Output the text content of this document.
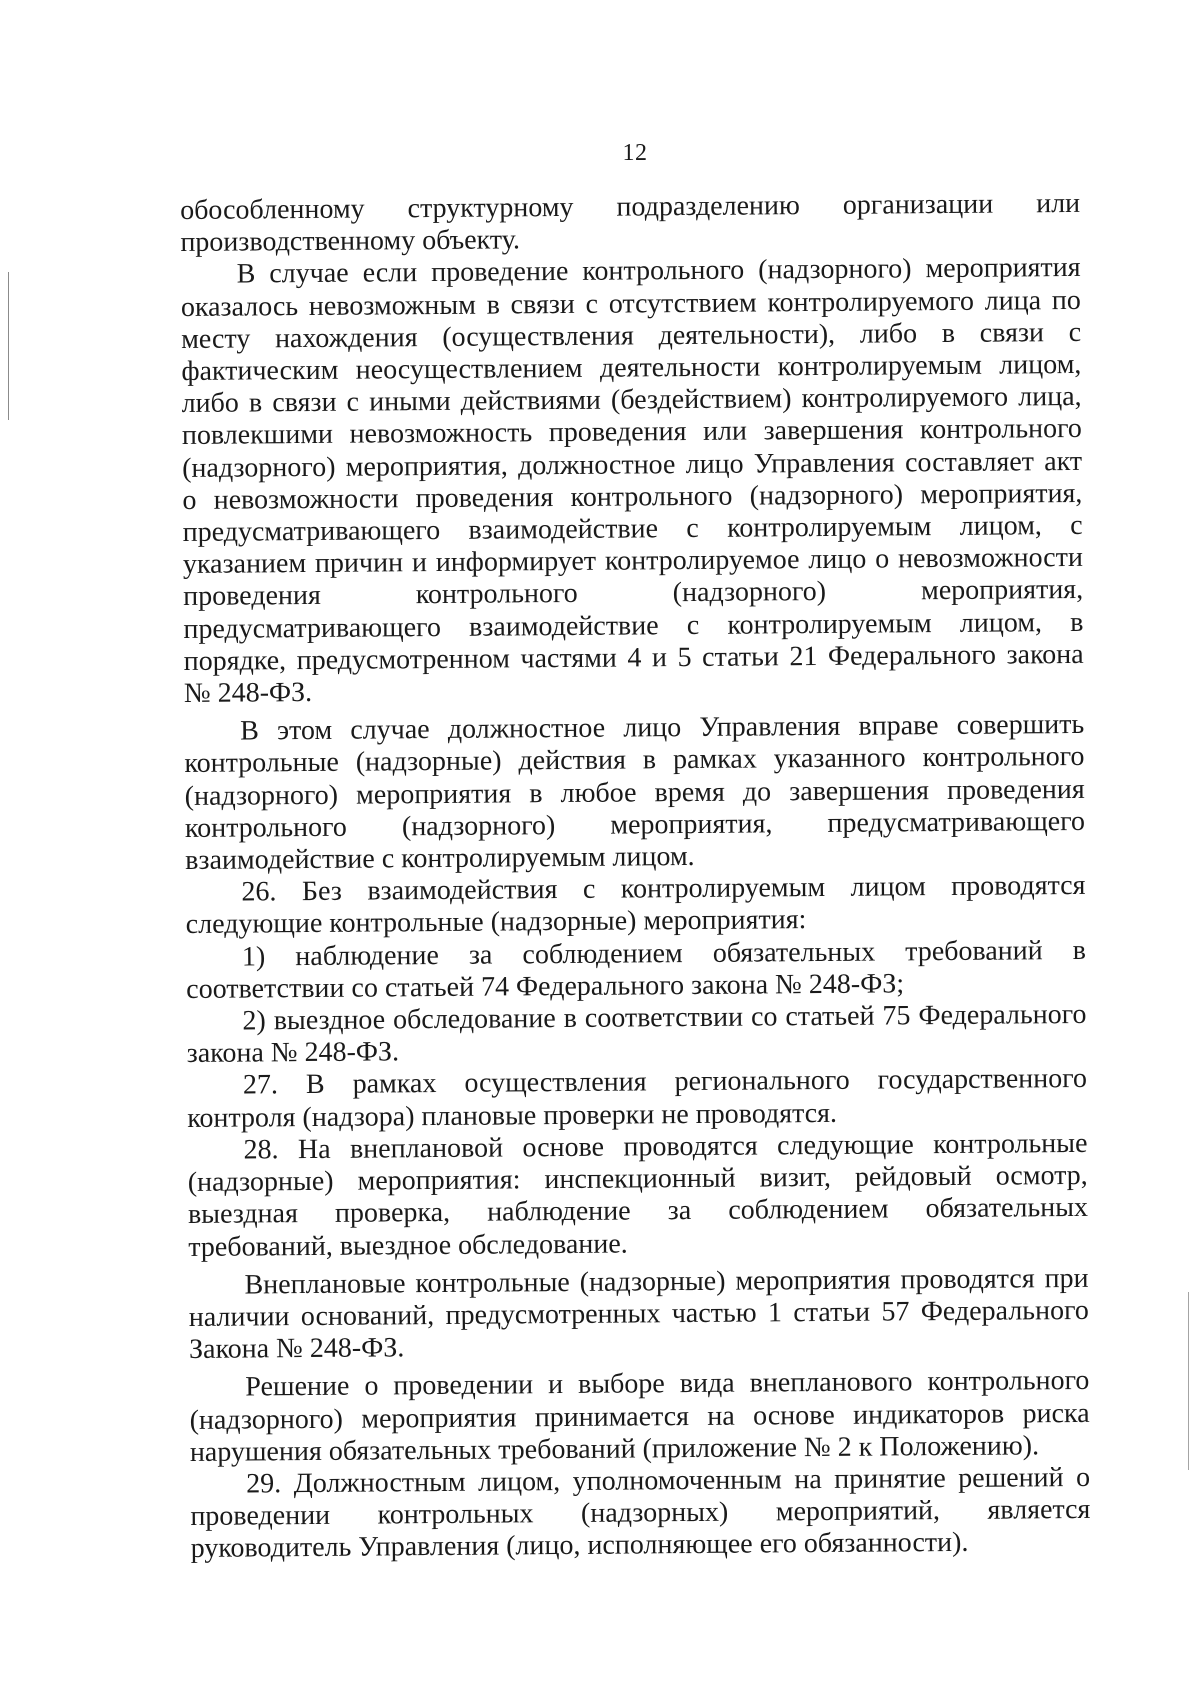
12

обособленному структурному подразделению организации или производственному объекту.

В случае если проведение контрольного (надзорного) мероприятия оказалось невозможным в связи с отсутствием контролируемого лица по месту нахождения (осуществления деятельности), либо в связи с фактическим неосуществлением деятельности контролируемым лицом, либо в связи с иными действиями (бездействием) контролируемого лица, повлекшими невозможность проведения или завершения контрольного (надзорного) мероприятия, должностное лицо Управления составляет акт о невозможности проведения контрольного (надзорного) мероприятия, предусматривающего взаимодействие с контролируемым лицом, с указанием причин и информирует контролируемое лицо о невозможности проведения контрольного (надзорного) мероприятия, предусматривающего взаимодействие с контролируемым лицом, в порядке, предусмотренном частями 4 и 5 статьи 21 Федерального закона № 248-ФЗ.

В этом случае должностное лицо Управления вправе совершить контрольные (надзорные) действия в рамках указанного контрольного (надзорного) мероприятия в любое время до завершения проведения контрольного (надзорного) мероприятия, предусматривающего взаимодействие с контролируемым лицом.

26. Без взаимодействия с контролируемым лицом проводятся следующие контрольные (надзорные) мероприятия:

1) наблюдение за соблюдением обязательных требований в соответствии со статьей 74 Федерального закона № 248-ФЗ;

2) выездное обследование в соответствии со статьей 75 Федерального закона № 248-ФЗ.

27. В рамках осуществления регионального государственного контроля (надзора) плановые проверки не проводятся.

28. На внеплановой основе проводятся следующие контрольные (надзорные) мероприятия: инспекционный визит, рейдовый осмотр, выездная проверка, наблюдение за соблюдением обязательных требований, выездное обследование.

Внеплановые контрольные (надзорные) мероприятия проводятся при наличии оснований, предусмотренных частью 1 статьи 57 Федерального Закона № 248-ФЗ.

Решение о проведении и выборе вида внепланового контрольного (надзорного) мероприятия принимается на основе индикаторов риска нарушения обязательных требований (приложение № 2 к Положению).

29. Должностным лицом, уполномоченным на принятие решений о проведении контрольных (надзорных) мероприятий, является руководитель Управления (лицо, исполняющее его обязанности).
